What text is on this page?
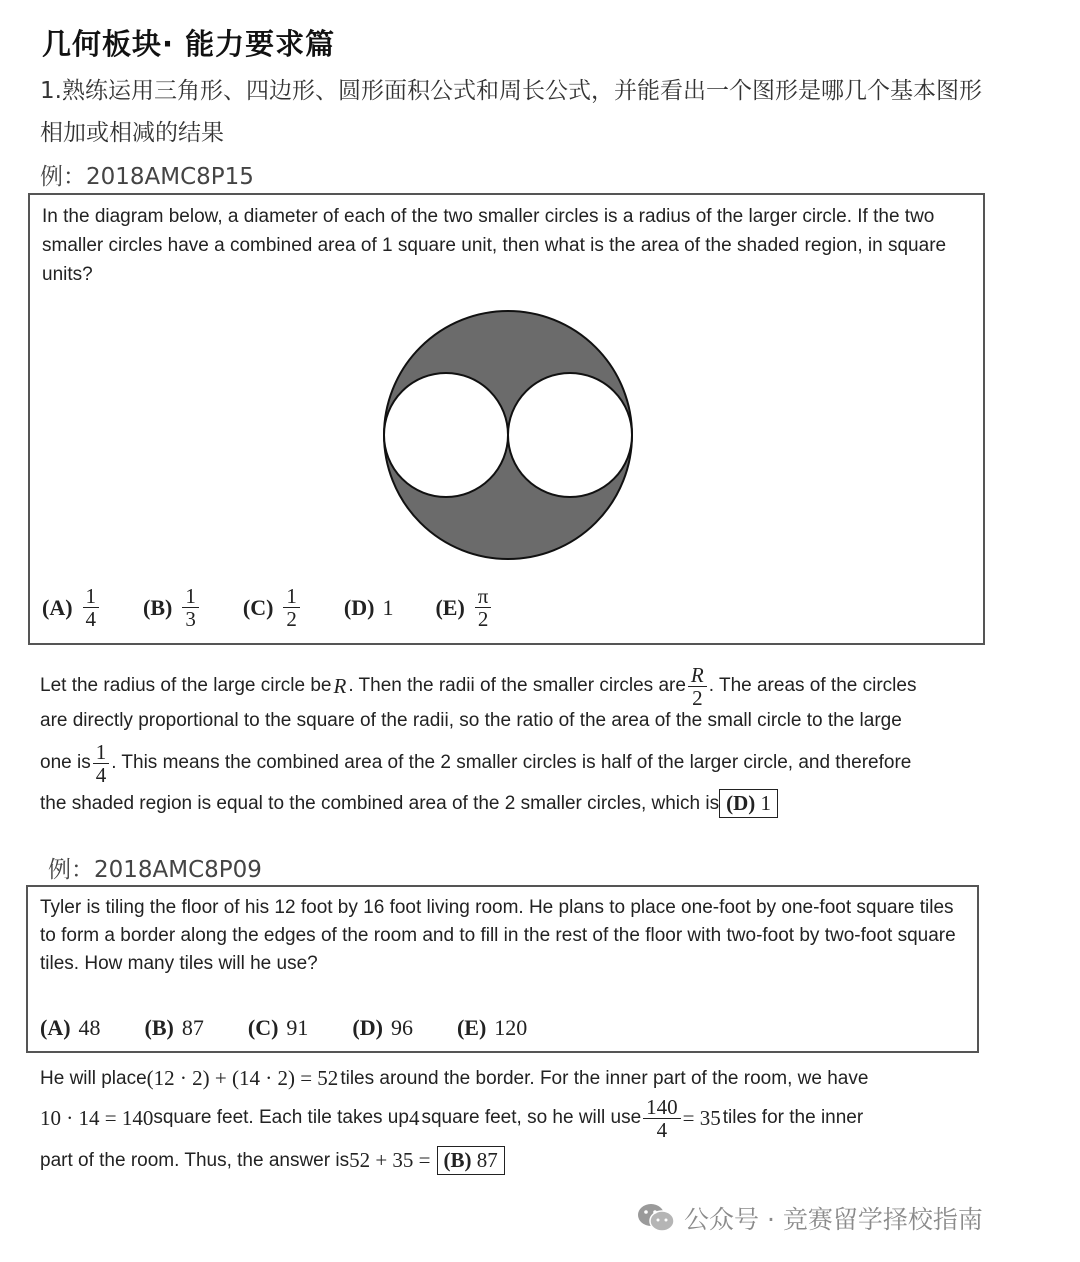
几何板块· 能力要求篇
1.熟练运用三角形、四边形、圆形面积公式和周长公式，并能看出一个图形是哪几个基本图形相加或相减的结果
例：2018AMC8P15
In the diagram below, a diameter of each of the two smaller circles is a radius of the larger circle. If the two smaller circles have a combined area of 1 square unit, then what is the area of the shaded region, in square units?
$(A) \frac{1}{4} (B) \frac{1}{3} (C) \frac{1}{2} (D)$ 1 $(E) \frac{\pi}{2}$
Let the radius of the large circle be R . Then the radii of the smaller circles are $\frac{R}{2}$ . The areas of the circles
are directly proportional to the square of the radii, so the ratio of the area of the small circle to the large
one is $\frac{1}{4}$ . This means the combined area of the 2 smaller circles is half of the larger circle, and therefore
the shaded region is equal to the combined area of the 2 smaller circles, which is (D) 1
例：2018AMC8P09
Tyler is tiling the floor of his 12 foot by 16 foot living room. He plans to place one-foot by one-foot square tiles to form a border along the edges of the room and to fill in the rest of the floor with two-foot by two-foot square tiles. How many tiles will he use?
(A) 48 (B) 87 (C) 91 (D) 96 (E) 120
He will place (12 · 2) + (14 · 2) = 52 tiles around the border. For the inner part of the room, we have
10 · 14 = 140 square feet. Each tile takes up 4 square feet, so he will use $\frac{140}{4} = 35$ tiles for the inner
part of the room. Thus, the answer is 52 + 35 = (B) 87
公众号 · 竞赛留学择校指南
